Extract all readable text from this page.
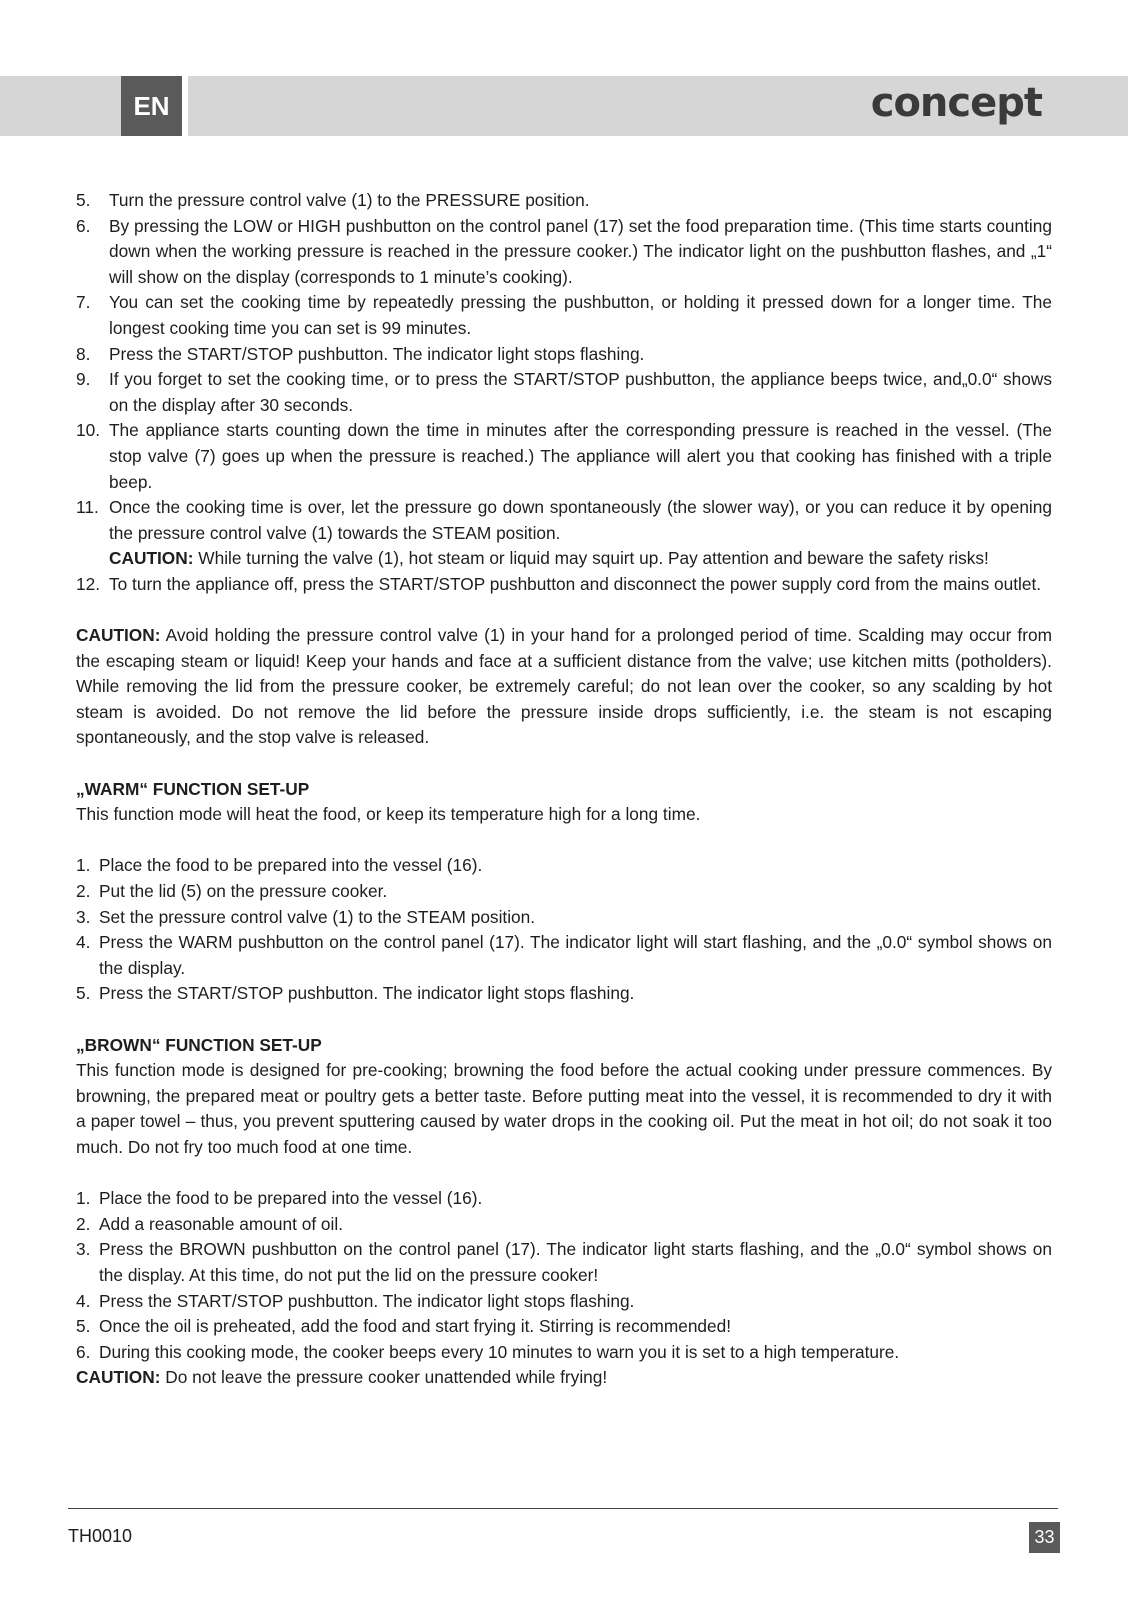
EN	concept
5.	Turn the pressure control valve (1) to the PRESSURE position.
6.	By pressing the LOW or HIGH pushbutton on the control panel (17) set the food preparation time. (This time starts counting down when the working pressure is reached in the pressure cooker.) The indicator light on the pushbutton flashes, and „1“ will show on the display (corresponds to 1 minute’s cooking).
7.	You can set the cooking time by repeatedly pressing the pushbutton, or holding it pressed down for a longer time. The longest cooking time you can set is 99 minutes.
8.	Press the START/STOP pushbutton. The indicator light stops flashing.
9.	If you forget to set the cooking time, or to press the START/STOP pushbutton, the appliance beeps twice, and„0.0“ shows on the display after 30 seconds.
10. The appliance starts counting down the time in minutes after the corresponding pressure is reached in the vessel. (The stop valve (7) goes up when the pressure is reached.) The appliance will alert you that cooking has finished with a triple beep.
11. Once the cooking time is over, let the pressure go down spontaneously (the slower way), or you can reduce it by opening the pressure control valve (1) towards the STEAM position.
CAUTION: While turning the valve (1), hot steam or liquid may squirt up. Pay attention and beware the safety risks!
12. To turn the appliance off, press the START/STOP pushbutton and disconnect the power supply cord from the mains outlet.

CAUTION: Avoid holding the pressure control valve (1) in your hand for a prolonged period of time. Scalding may occur from the escaping steam or liquid! Keep your hands and face at a sufficient distance from the valve; use kitchen mitts (potholders). While removing the lid from the pressure cooker, be extremely careful; do not lean over the cooker, so any scalding by hot steam is avoided. Do not remove the lid before the pressure inside drops sufficiently, i.e. the steam is not escaping spontaneously, and the stop valve is released.

„WARM“ FUNCTION SET-UP

This function mode will heat the food, or keep its temperature high for a long time.

1. Place the food to be prepared into the vessel (16).
2. Put the lid (5) on the pressure cooker.
3. Set the pressure control valve (1) to the STEAM position.
4. Press the WARM pushbutton on the control panel (17). The indicator light will start flashing, and the „0.0“ symbol shows on the display.
5. Press the START/STOP pushbutton. The indicator light stops flashing.

„BROWN“ FUNCTION SET-UP

This function mode is designed for pre-cooking; browning the food before the actual cooking under pressure commences. By browning, the prepared meat or poultry gets a better taste. Before putting meat into the vessel, it is recommended to dry it with a paper towel – thus, you prevent sputtering caused by water drops in the cooking oil. Put the meat in hot oil; do not soak it too much. Do not fry too much food at one time.

1. Place the food to be prepared into the vessel (16).
2. Add a reasonable amount of oil.
3. Press the BROWN pushbutton on the control panel (17). The indicator light starts flashing, and the „0.0“ symbol shows on the display. At this time, do not put the lid on the pressure cooker!
4. Press the START/STOP pushbutton. The indicator light stops flashing.
5. Once the oil is preheated, add the food and start frying it. Stirring is recommended!
6. During this cooking mode, the cooker beeps every 10 minutes to warn you it is set to a high temperature.

CAUTION: Do not leave the pressure cooker unattended while frying!

TH0010	33
